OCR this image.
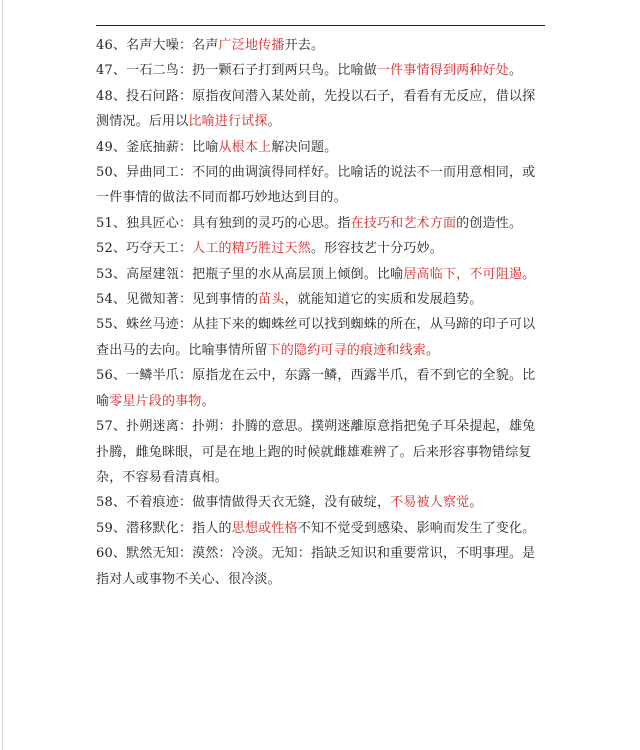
46、名声大噪：名声广泛地传播开去。

47、一石二鸟：扔一颗石子打到两只鸟。比喻做一件事情得到两种好处。

48、投石问路：原指夜间潜入某处前，先投以石子，看看有无反应，借以探测情况。后用以比喻进行试探。

49、釜底抽薪：比喻从根本上解决问题。

50、异曲同工：不同的曲调演得同样好。比喻话的说法不一而用意相同，或一件事情的做法不同而都巧妙地达到目的。

51、独具匠心：具有独到的灵巧的心思。指在技巧和艺术方面的创造性。

52、巧夺天工：人工的精巧胜过天然。形容技艺十分巧妙。

53、高屋建瓴：把瓶子里的水从高层顶上倾倒。比喻居高临下，不可阻遏。

54、见微知著：见到事情的苗头，就能知道它的实质和发展趋势。

55、蛛丝马迹：从挂下来的蜘蛛丝可以找到蜘蛛的所在，从马蹄的印子可以查出马的去向。比喻事情所留下的隐约可寻的痕迹和线索。

56、一鳞半爪：原指龙在云中，东露一鳞，西露半爪，看不到它的全貌。比喻零星片段的事物。

57、扑朔迷离：扑朔：扑腾的意思。撲朔迷離原意指把兔子耳朵提起，雄兔扑腾，雌兔眯眼，可是在地上跑的时候就雌雄难辨了。后来形容事物错综复杂，不容易看清真相。

58、不着痕迹：做事情做得天衣无缝，没有破绽，不易被人察觉。

59、潜移默化：指人的思想或性格不知不觉受到感染、影响而发生了变化。

60、默然无知：漠然：冷淡。无知：指缺乏知识和重要常识，不明事理。是指对人或事物不关心、很冷淡。
